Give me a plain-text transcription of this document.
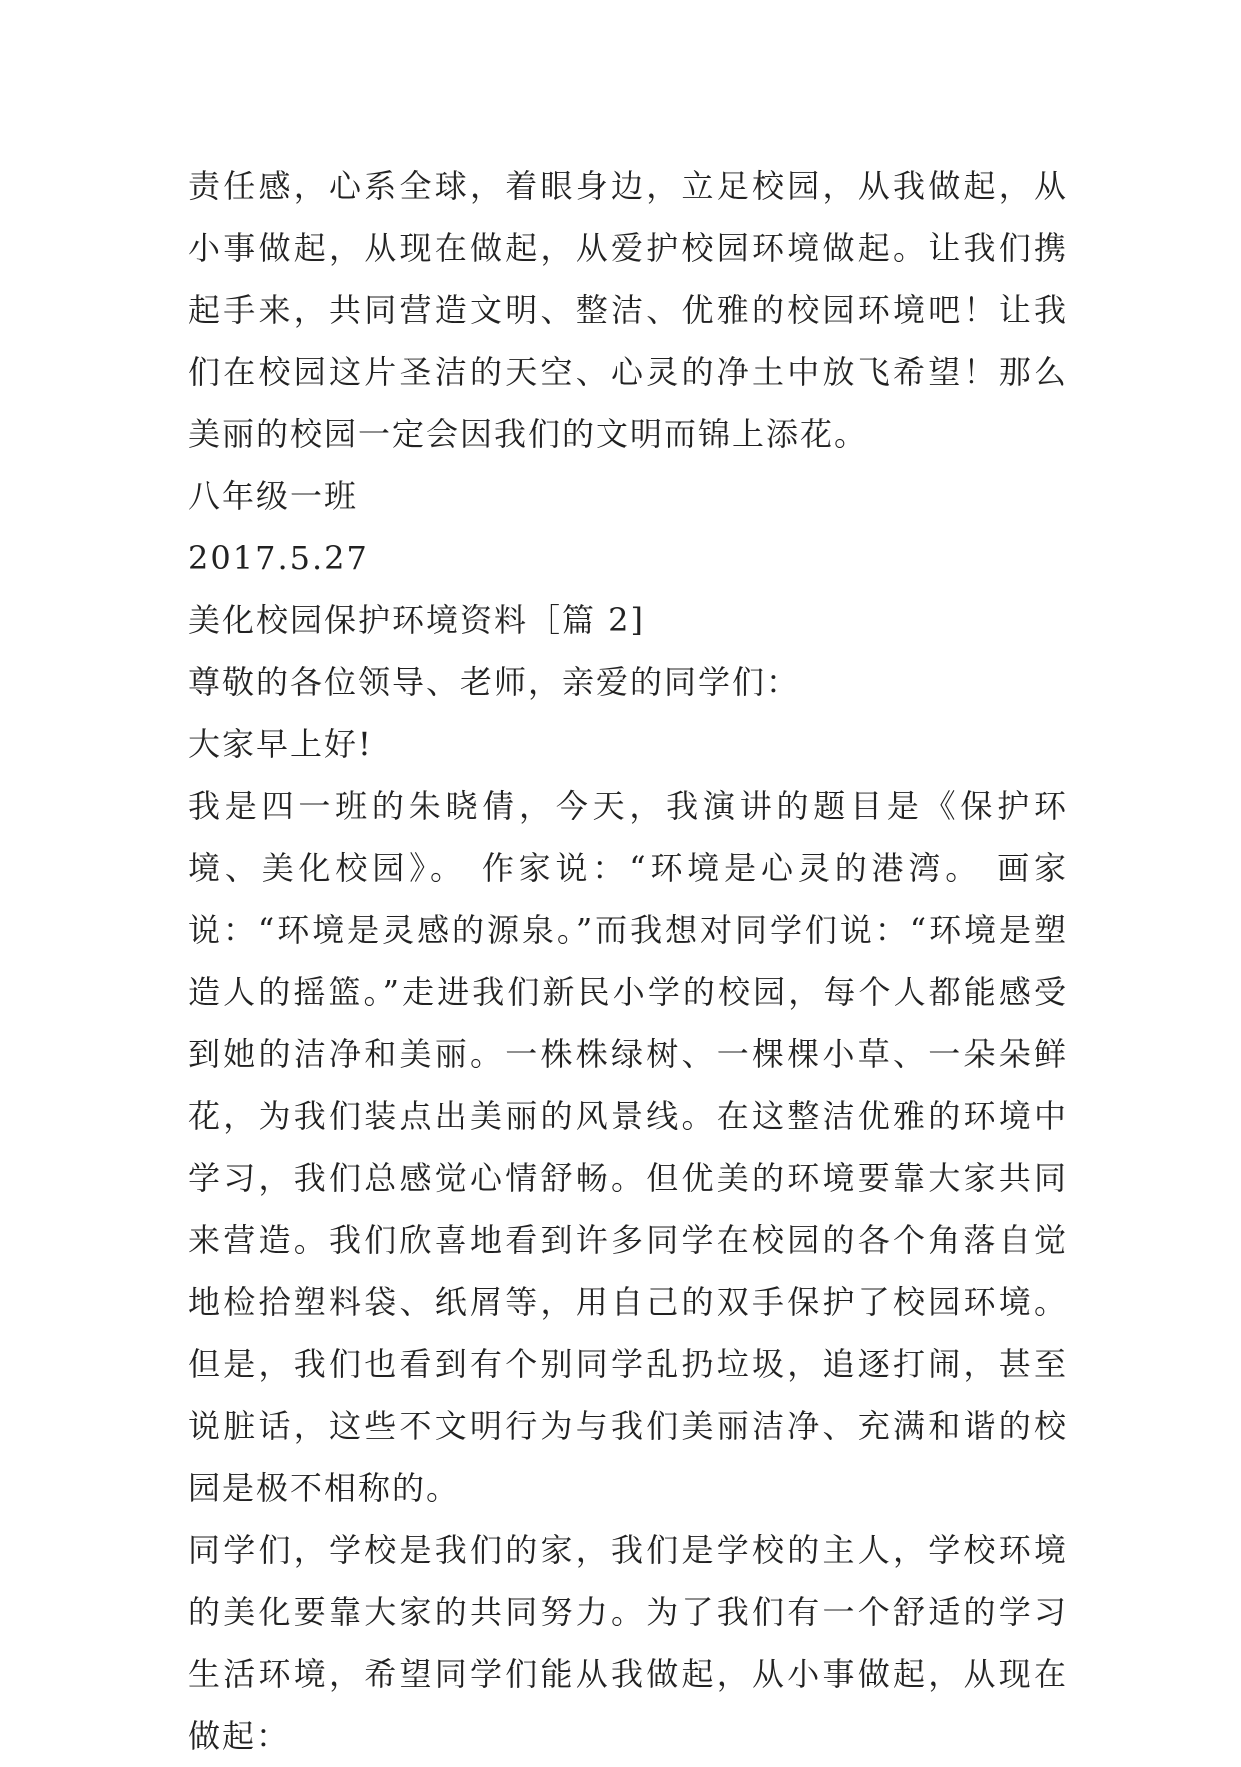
责任感，心系全球，着眼身边，立足校园，从我做起，从小事做起，从现在做起，从爱护校园环境做起。让我们携起手来，共同营造文明、整洁、优雅的校园环境吧！让我们在校园这片圣洁的天空、心灵的净土中放飞希望！那么美丽的校园一定会因我们的文明而锦上添花。

八年级一班

2017.5.27

美化校园保护环境资料［篇 2]

尊敬的各位领导、老师，亲爱的同学们：

大家早上好!

我是四一班的朱晓倩，今天，我演讲的题目是《保护环境、美化校园》。 作家说：“环境是心灵的港湾。 画家说：“环境是灵感的源泉。”而我想对同学们说：“环境是塑造人的摇篮。”走进我们新民小学的校园，每个人都能感受到她的洁净和美丽。一株株绿树、一棵棵小草、一朵朵鲜花，为我们装点出美丽的风景线。在这整洁优雅的环境中学习，我们总感觉心情舒畅。但优美的环境要靠大家共同来营造。我们欣喜地看到许多同学在校园的各个角落自觉地检拾塑料袋、纸屑等，用自己的双手保护了校园环境。但是，我们也看到有个别同学乱扔垃圾，追逐打闹，甚至说脏话，这些不文明行为与我们美丽洁净、充满和谐的校园是极不相称的。

同学们，学校是我们的家，我们是学校的主人，学校环境的美化要靠大家的共同努力。为了我们有一个舒适的学习生活环境，希望同学们能从我做起，从小事做起，从现在做起：
